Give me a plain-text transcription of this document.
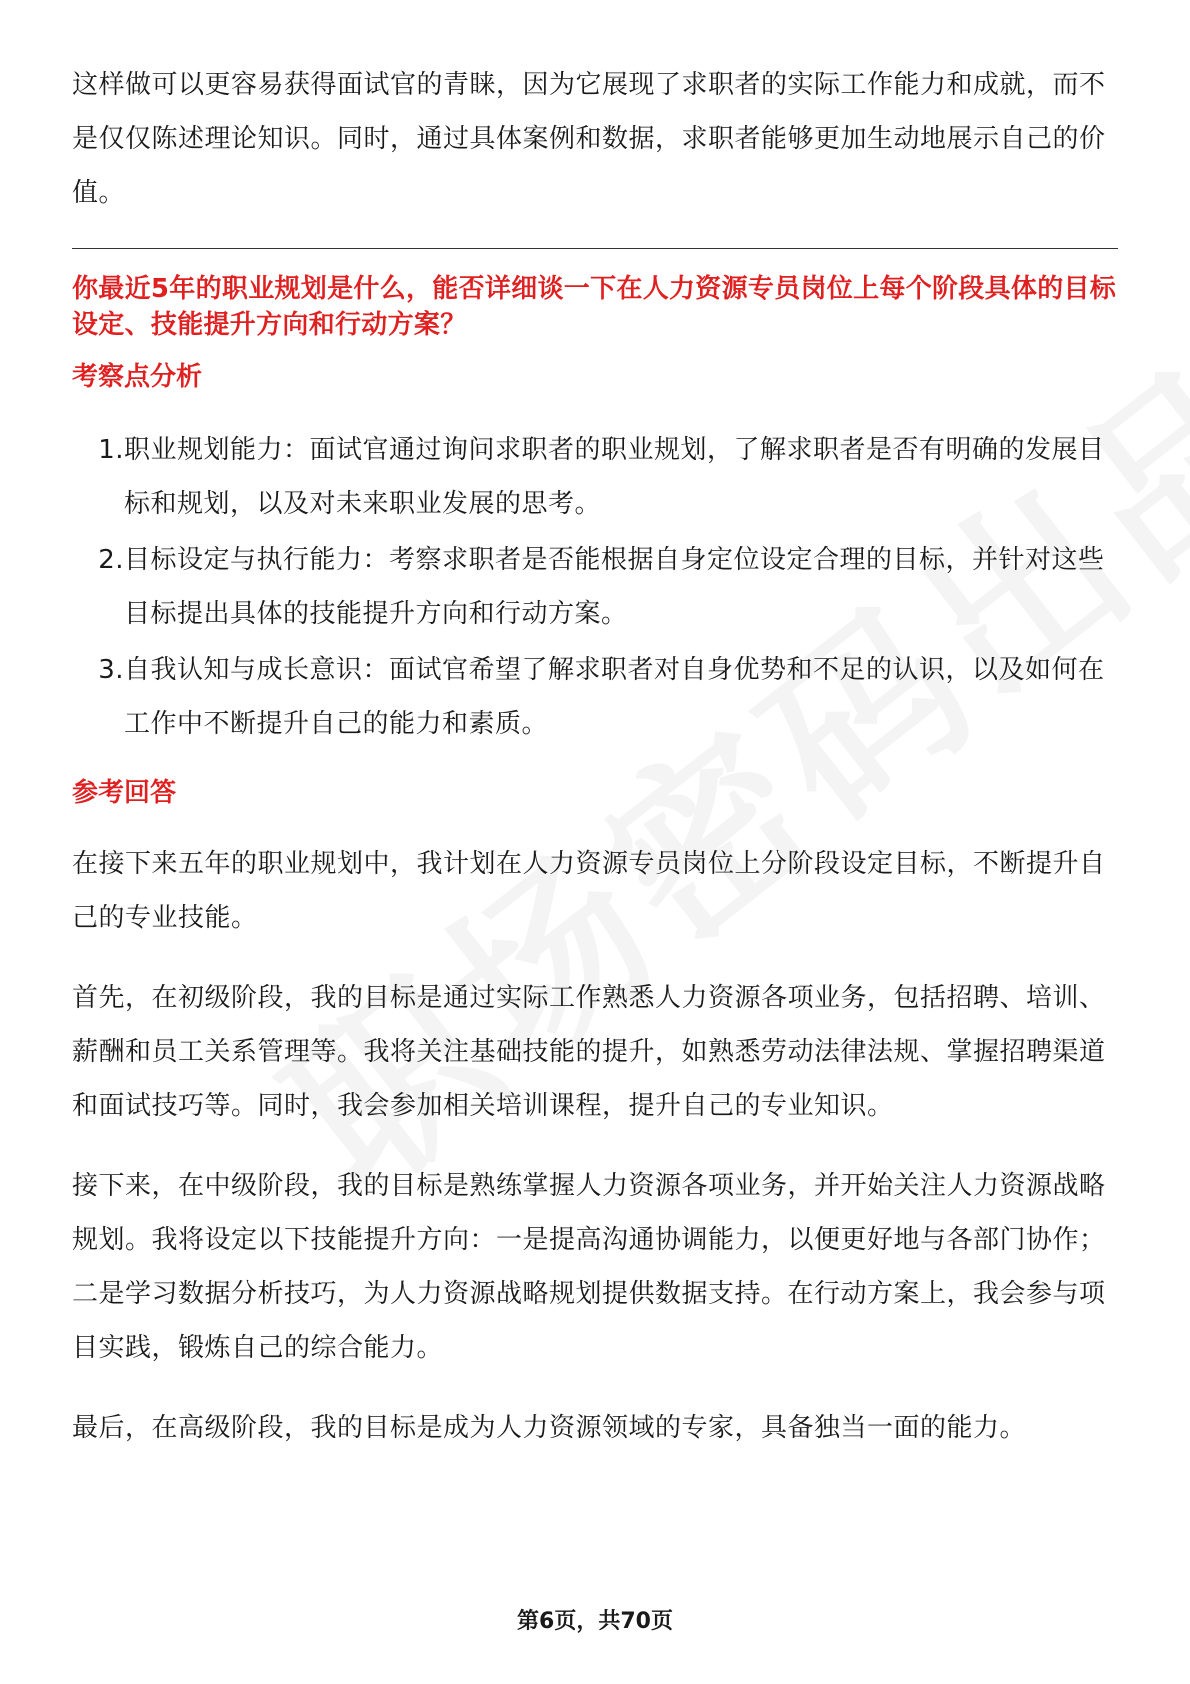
这样做可以更容易获得面试官的青睐，因为它展现了求职者的实际工作能力和成就，而不是仅仅陈述理论知识。同时，通过具体案例和数据，求职者能够更加生动地展示自己的价值。

你最近5年的职业规划是什么，能否详细谈一下在人力资源专员岗位上每个阶段具体的目标设定、技能提升方向和行动方案？

考察点分析

1. 职业规划能力：面试官通过询问求职者的职业规划，了解求职者是否有明确的发展目标和规划，以及对未来职业发展的思考。
2. 目标设定与执行能力：考察求职者是否能根据自身定位设定合理的目标，并针对这些目标提出具体的技能提升方向和行动方案。
3. 自我认知与成长意识：面试官希望了解求职者对自身优势和不足的认识，以及如何在工作中不断提升自己的能力和素质。

参考回答

在接下来五年的职业规划中，我计划在人力资源专员岗位上分阶段设定目标，不断提升自己的专业技能。

首先，在初级阶段，我的目标是通过实际工作熟悉人力资源各项业务，包括招聘、培训、薪酬和员工关系管理等。我将关注基础技能的提升，如熟悉劳动法律法规、掌握招聘渠道和面试技巧等。同时，我会参加相关培训课程，提升自己的专业知识。

接下来，在中级阶段，我的目标是熟练掌握人力资源各项业务，并开始关注人力资源战略规划。我将设定以下技能提升方向：一是提高沟通协调能力，以便更好地与各部门协作；二是学习数据分析技巧，为人力资源战略规划提供数据支持。在行动方案上，我会参与项目实践，锻炼自己的综合能力。

最后，在高级阶段，我的目标是成为人力资源领域的专家，具备独当一面的能力。

第6页，共70页
